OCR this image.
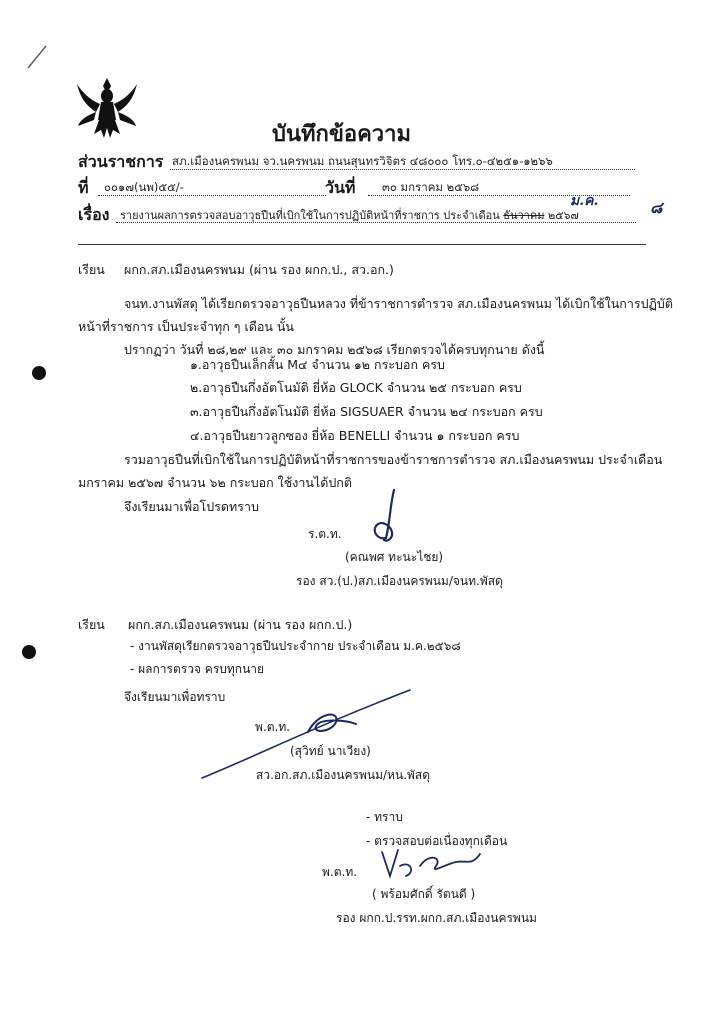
บันทึกข้อความ
ส่วนราชการ สภ.เมืองนครพนม จว.นครพนม ถนนสุนทรวิจิตร ๔๘๐๐๐ โทร.๐-๔๒๕๑-๑๒๖๖
ที่ ๐๐๑๗(นพ)๕๕/-	วันที่ ๓๐ มกราคม ๒๕๖๘
เรื่อง รายงานผลการตรวจสอบอาวุธปืนที่เบิกใช้ในการปฏิบัติหน้าที่ราชการ ประจำเดือน ธันวาคม ๒๕๖๗
ม.ค.	๘
เรียน ผกก.สภ.เมืองนครพนม (ผ่าน รอง ผกก.ป., สว.อก.)
จนท.งานพัสดุ ได้เรียกตรวจอาวุธปืนหลวง ที่ข้าราชการตำรวจ สภ.เมืองนครพนม ได้เบิกใช้ในการปฏิบัติ
หน้าที่ราชการ เป็นประจำทุก ๆ เดือน นั้น
ปรากฏว่า วันที่ ๒๘,๒๙ และ ๓๐ มกราคม ๒๕๖๘ เรียกตรวจได้ครบทุกนาย ดังนี้
๑.อาวุธปืนเล็กสั้น M๔ จำนวน ๑๒ กระบอก ครบ
๒.อาวุธปืนกึ่งอัตโนมัติ ยี่ห้อ GLOCK จำนวน ๒๕ กระบอก ครบ
๓.อาวุธปืนกึ่งอัตโนมัติ ยี่ห้อ SIGSUAER จำนวน ๒๔ กระบอก ครบ
๔.อาวุธปืนยาวลูกซอง ยี่ห้อ BENELLI จำนวน ๑ กระบอก ครบ
รวมอาวุธปืนที่เบิกใช้ในการปฏิบัติหน้าที่ราชการของข้าราชการตำรวจ สภ.เมืองนครพนม ประจำเดือน
มกราคม ๒๕๖๗ จำนวน ๖๒ กระบอก ใช้งานได้ปกติ
จึงเรียนมาเพื่อโปรดทราบ
ร.ต.ท.
(คณพศ ทะนะไชย)
รอง สว.(ป.)สภ.เมืองนครพนม/จนท.พัสดุ
เรียน ผกก.สภ.เมืองนครพนม (ผ่าน รอง ผกก.ป.)
- งานพัสดุเรียกตรวจอาวุธปืนประจำกาย ประจำเดือน ม.ค.๒๕๖๘
- ผลการตรวจ ครบทุกนาย
จึงเรียนมาเพื่อทราบ
พ.ต.ท.
(สุวิทย์ นาเวียง)
สว.อก.สภ.เมืองนครพนม/หน.พัสดุ
- ทราบ
- ตรวจสอบต่อเนื่องทุกเดือน
พ.ต.ท.
( พร้อมศักดิ์ รัตนดี )
รอง ผกก.ป.รรท.ผกก.สภ.เมืองนครพนม
